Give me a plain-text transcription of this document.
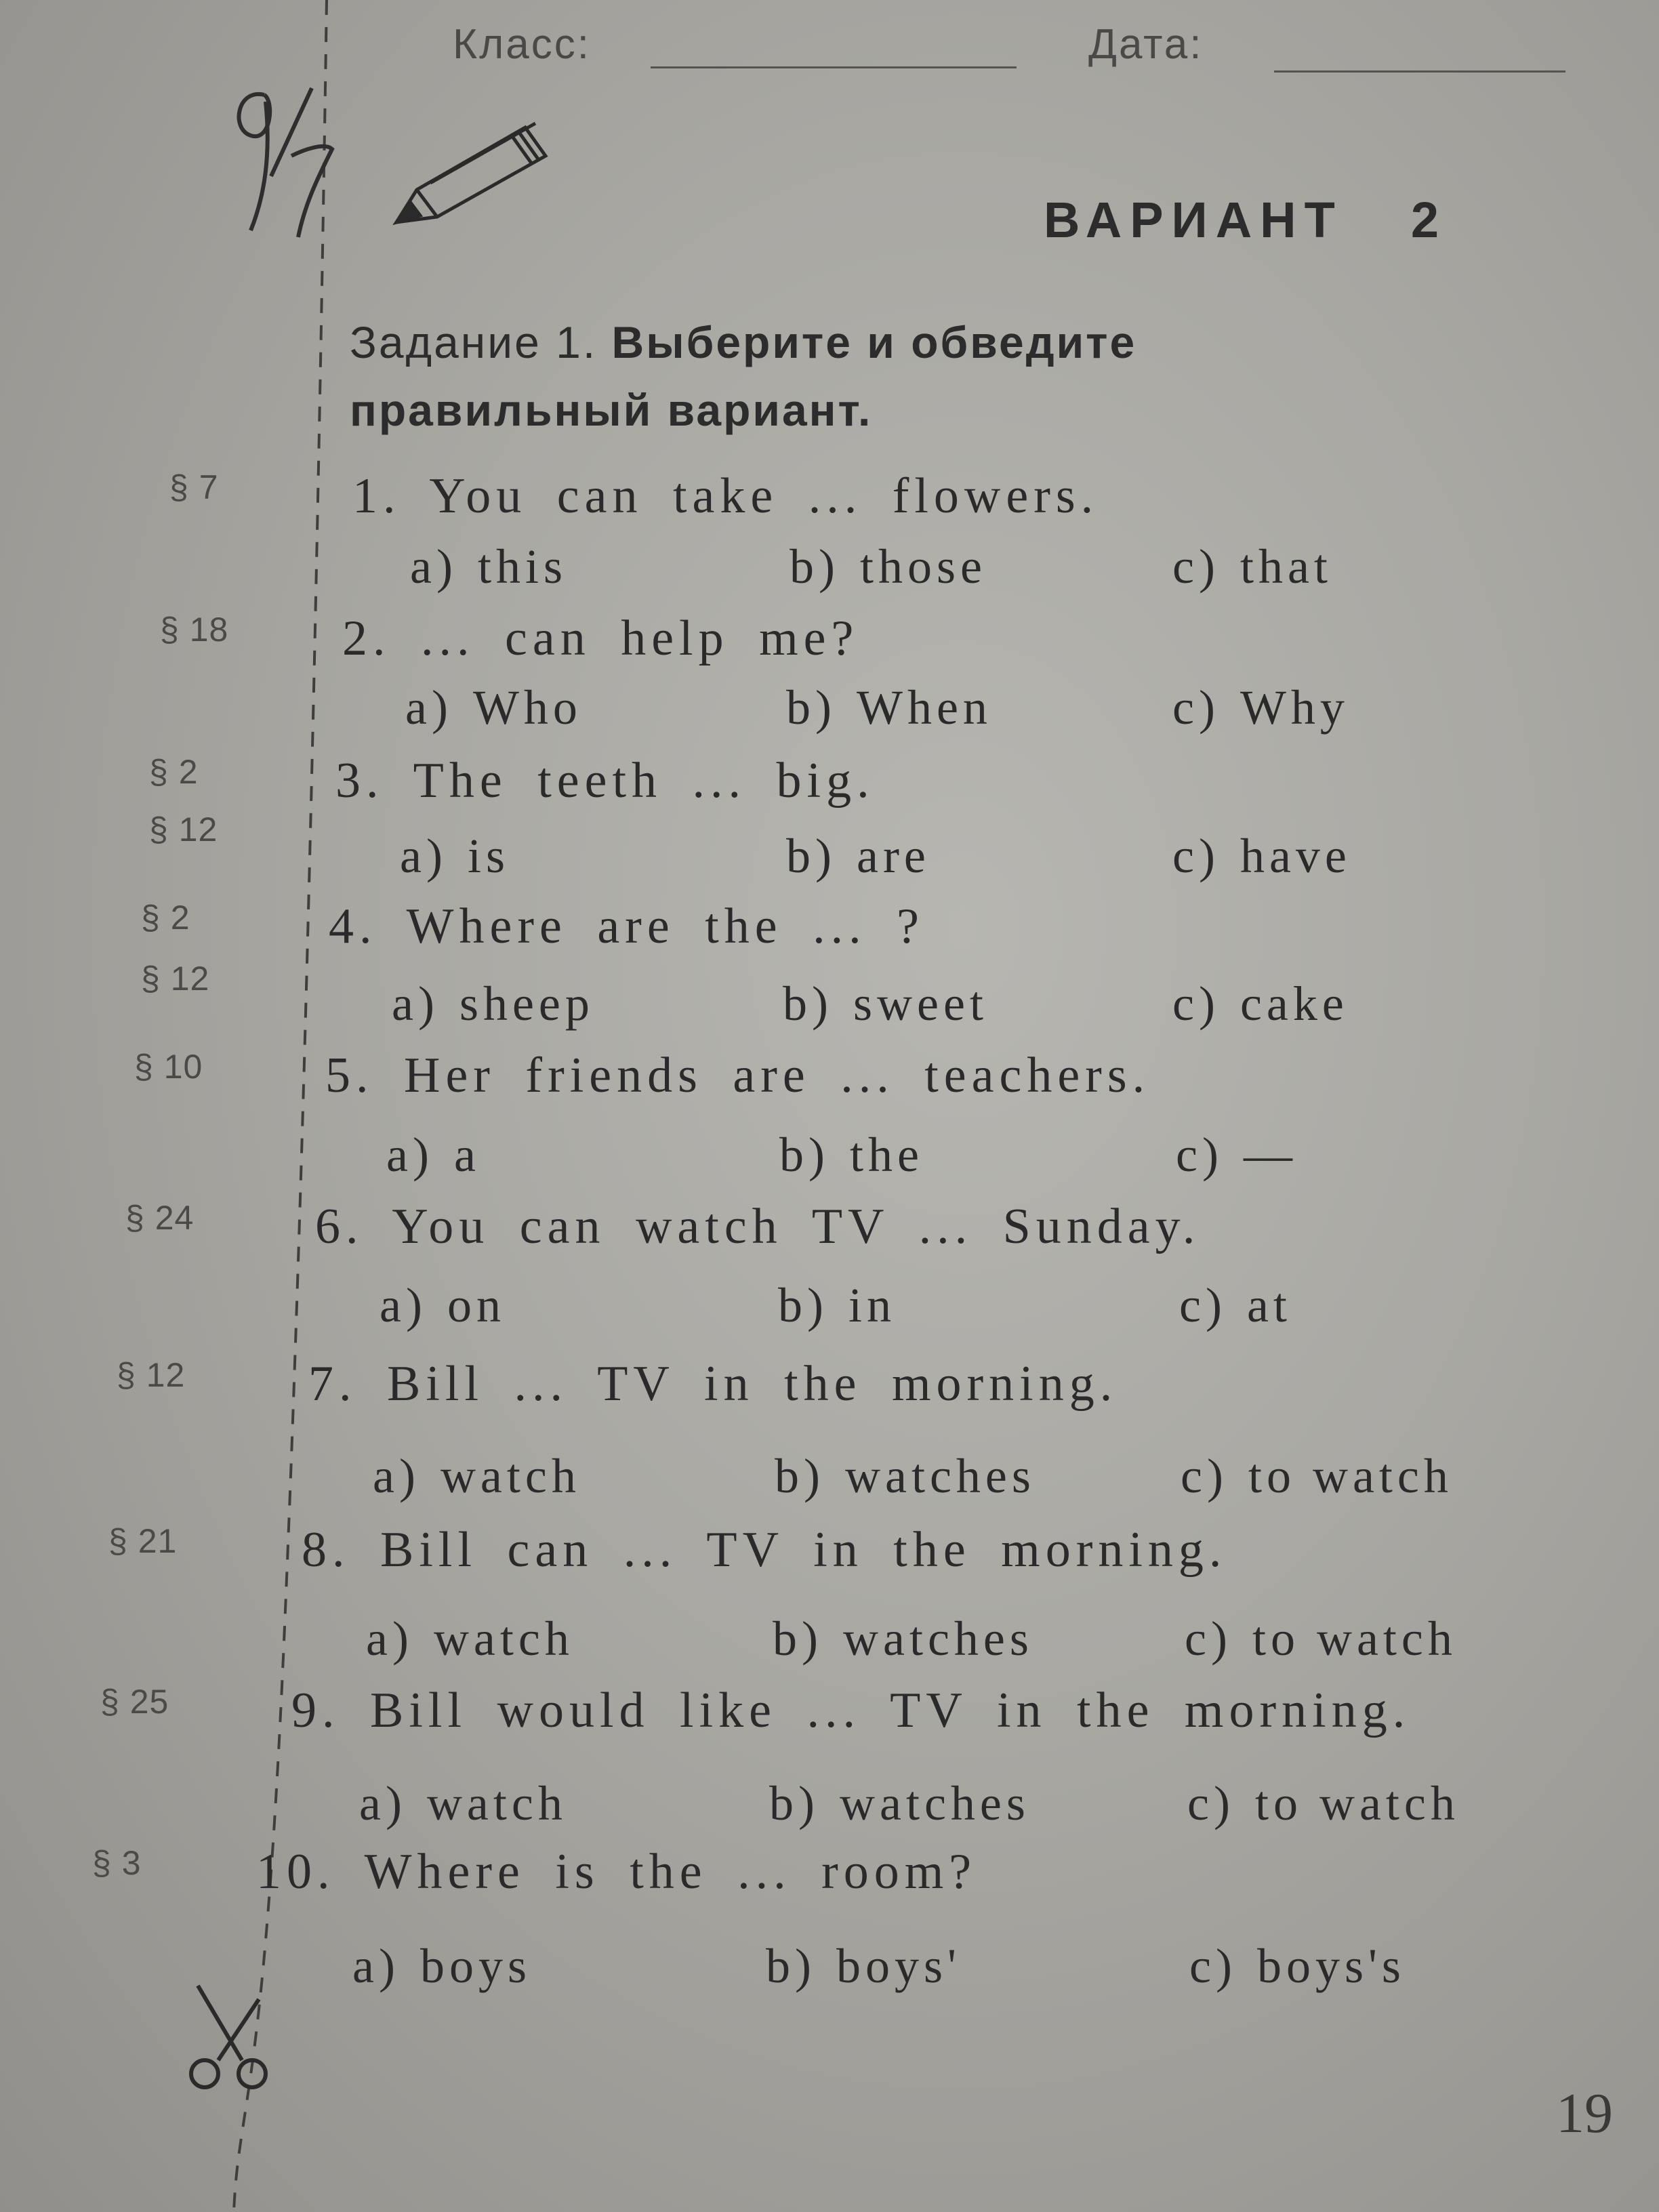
Класс:	Дата:
ВАРИАНТ 2
Задание 1. Выберите и обведите правильный вариант.
§ 7	1. You can take ... flowers.
a) this	b) those	c) that
§ 18 2. ... can help me?
a) Who	b) When	c) Why
§ 2
§ 12
3. The teeth ... big.
a) is	b) are	c) have
§ 2
§ 12
4. Where are the ... ?
a) sheep	b) sweet	c) cake
§ 10 5. Her friends are ... teachers.
a) a	b) the	c) —
§ 24 6. You can watch TV ... Sunday.
a) on	b) in	c) at
§ 12 7. Bill ... TV in the morning.
a) watch	b) watches	c) to watch
§ 21 8. Bill can ... TV in the morning.
a) watch	b) watches	c) to watch
§ 25 9. Bill would like ... TV in the morning.
a) watch	b) watches	c) to watch
§ 3 10. Where is the ... room?
a) boys	b) boys'	c) boys's
19
